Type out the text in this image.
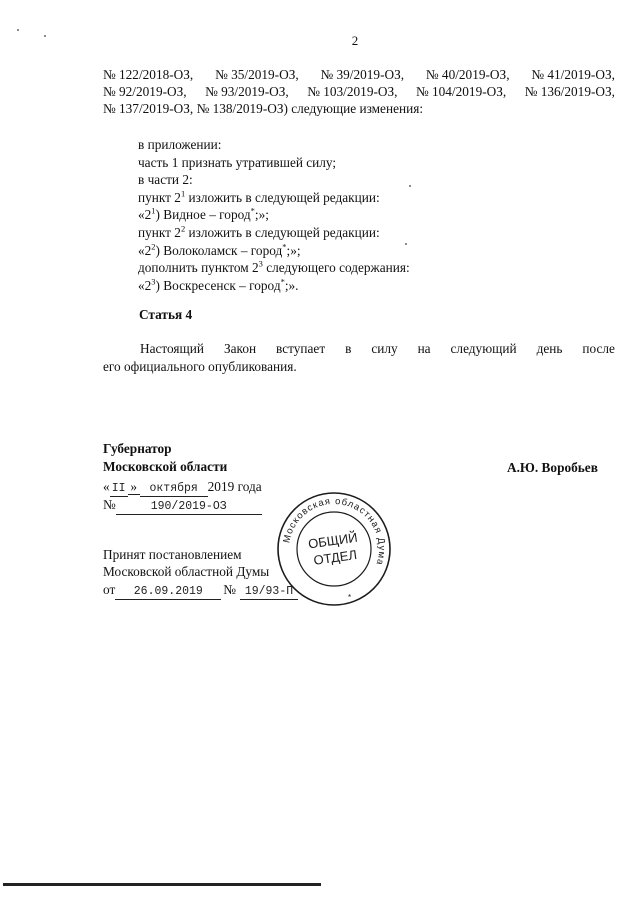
2
№ 122/2018-ОЗ, № 35/2019-ОЗ, № 39/2019-ОЗ, № 40/2019-ОЗ, № 41/2019-ОЗ,
№ 92/2019-ОЗ, № 93/2019-ОЗ, № 103/2019-ОЗ, № 104/2019-ОЗ, № 136/2019-ОЗ,
№ 137/2019-ОЗ, № 138/2019-ОЗ) следующие изменения:
в приложении:
часть 1 признать утратившей силу;
в части 2:
пункт $2^1$ изложить в следующей редакции:
«$2^1$) Видное – город*;»;
пункт $2^2$ изложить в следующей редакции:
«$2^2$) Волоколамск – город*;»;
дополнить пунктом $2^3$ следующего содержания:
«$2^3$) Воскресенск – город*;».
Статья 4
Настоящий Закон вступает в силу на следующий день после
его официального опубликования.
Губернатор
Московской области	А.Ю. Воробьев
« II » октября 2019 года
№	190/2019-ОЗ
Принят постановлением
Московской областной Думы
от 26.09.2019 № 19/93-П
Московская областная Дума
ОБЩИЙ
ОТДЕЛ
*
